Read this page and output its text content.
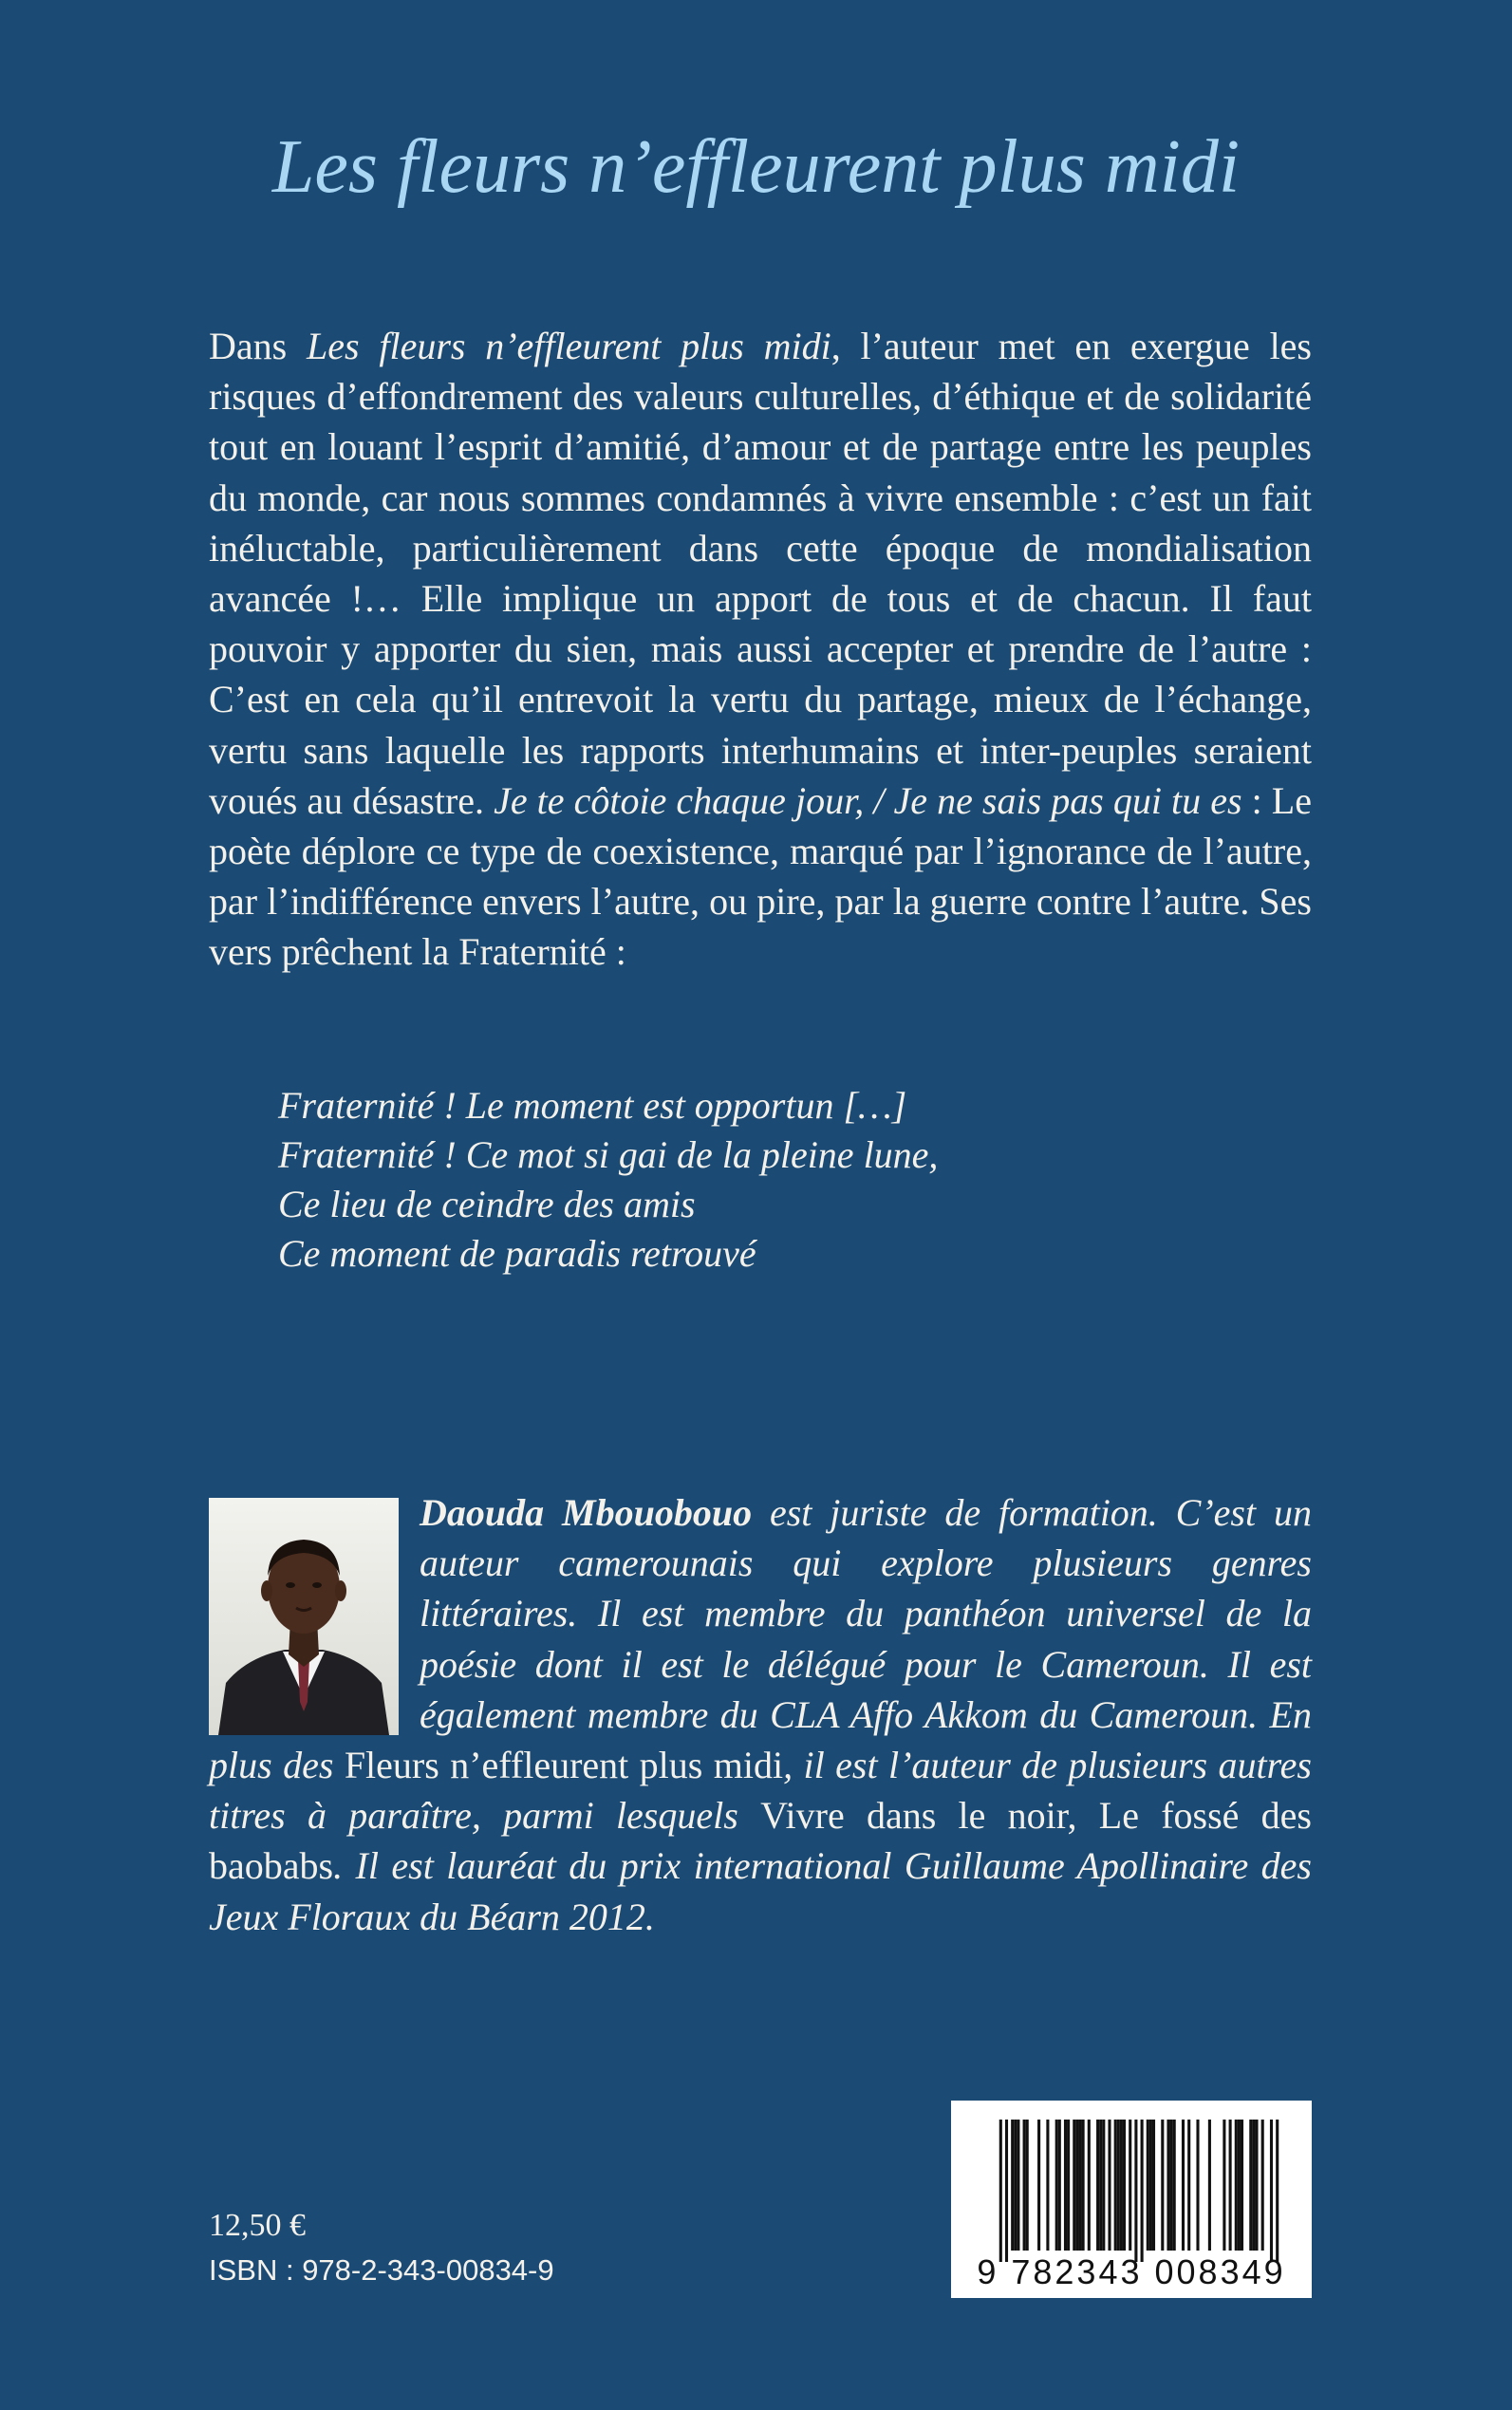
Les fleurs n’effleurent plus midi

Dans Les fleurs n’effleurent plus midi, l’auteur met en exergue les risques d’effondrement des valeurs culturelles, d’éthique et de solidarité tout en louant l’esprit d’amitié, d’amour et de partage entre les peuples du monde, car nous sommes condamnés à vivre ensemble : c’est un fait inéluctable, particulièrement dans cette époque de mondialisation avancée !… Elle implique un apport de tous et de chacun. Il faut pouvoir y apporter du sien, mais aussi accepter et prendre de l’autre : C’est en cela qu’il entrevoit la vertu du partage, mieux de l’échange, vertu sans laquelle les rapports interhumains et inter-peuples seraient voués au désastre. Je te côtoie chaque jour, / Je ne sais pas qui tu es : Le poète déplore ce type de coexistence, marqué par l’ignorance de l’autre, par l’indifférence envers l’autre, ou pire, par la guerre contre l’autre. Ses vers prêchent la Fraternité :

Fraternité ! Le moment est opportun […]
Fraternité ! Ce mot si gai de la pleine lune,
Ce lieu de ceindre des amis
Ce moment de paradis retrouvé

Daouda Mbouobouo est juriste de formation. C’est un auteur camerounais qui explore plusieurs genres littéraires. Il est membre du panthéon universel de la poésie dont il est le délégué pour le Cameroun. Il est également membre du CLA Affo Akkom du Cameroun. En plus des Fleurs n’effleurent plus midi, il est l’auteur de plusieurs autres titres à paraître, parmi lesquels Vivre dans le noir, Le fossé des baobabs. Il est lauréat du prix international Guillaume Apollinaire des Jeux Floraux du Béarn 2012.

12,50 €
ISBN : 978-2-343-00834-9	9 782343 008349
